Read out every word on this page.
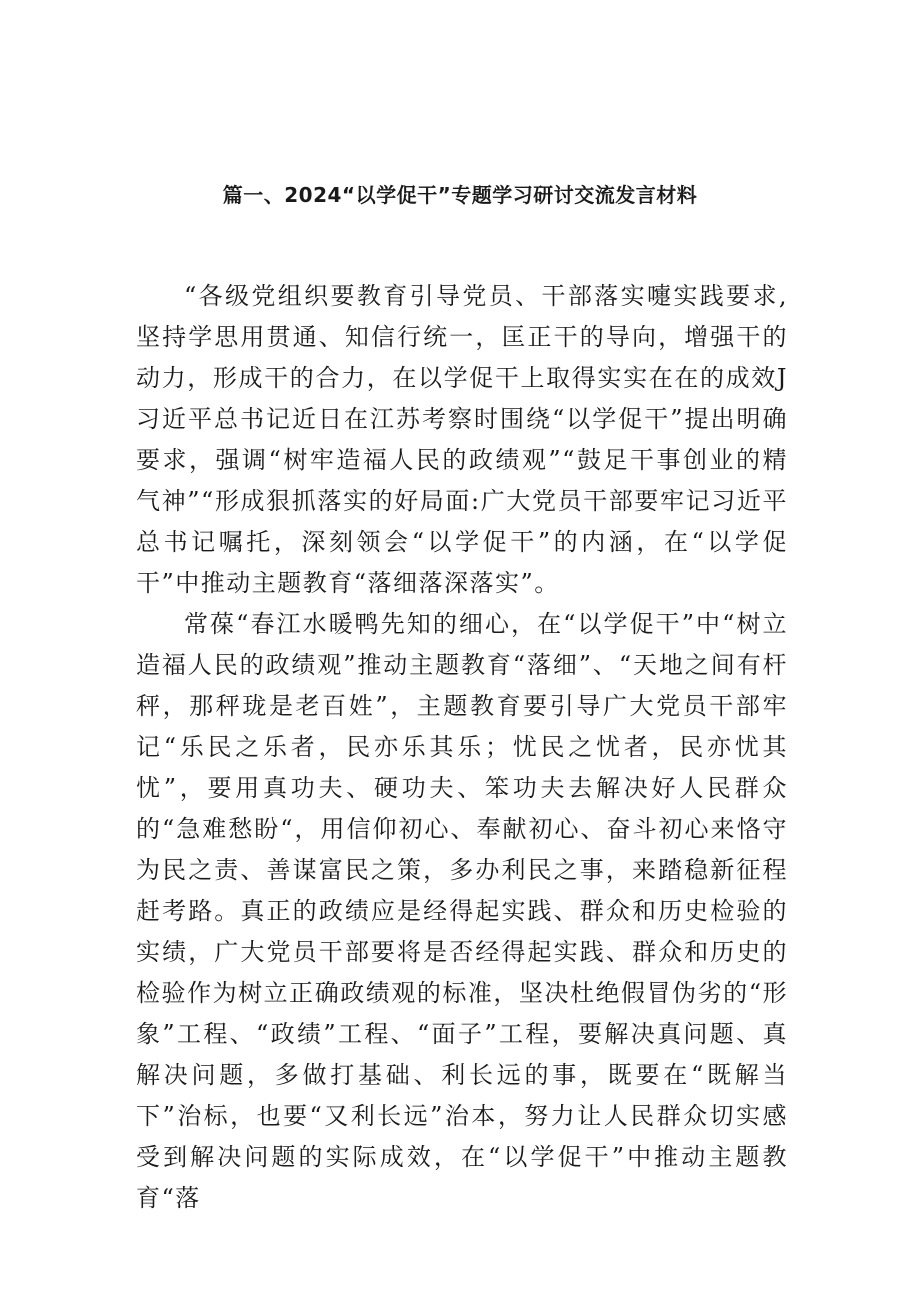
篇一、2024“以学促干”专题学习研讨交流发言材料

“各级党组织要教育引导党员、干部落实嚏实践要求,坚持学思用贯通、知信行统一，匡正干的导向，增强干的动力，形成干的合力，在以学促干上取得实实在在的成效J习近平总书记近日在江苏考察时围绕“以学促干”提出明确要求，强调“树牢造福人民的政绩观”“鼓足干事创业的精气神”“形成狠抓落实的好局面:广大党员干部要牢记习近平总书记嘱托，深刻领会“以学促干”的内涵，在“以学促干”中推动主题教育“落细落深落实”。

常葆“春江水暖鸭先知的细心，在“以学促干”中“树立造福人民的政绩观”推动主题教育“落细”、“天地之间有杆秤，那秤珑是老百姓”，主题教育要引导广大党员干部牢记“乐民之乐者，民亦乐其乐；忧民之忧者，民亦忧其忧”，要用真功夫、硬功夫、笨功夫去解决好人民群众的“急难愁盼“，用信仰初心、奉献初心、奋斗初心来恪守为民之责、善谋富民之策，多办利民之事，来踏稳新征程赶考路。真正的政绩应是经得起实践、群众和历史检验的实绩，广大党员干部要将是否经得起实践、群众和历史的检验作为树立正确政绩观的标准，坚决杜绝假冒伪劣的“形象”工程、“政绩”工程、“面子”工程，要解决真问题、真解决问题，多做打基础、利长远的事，既要在“既解当下”治标，也要“又利长远”治本，努力让人民群众切实感受到解决问题的实际成效，在“以学促干”中推动主题教育“落
